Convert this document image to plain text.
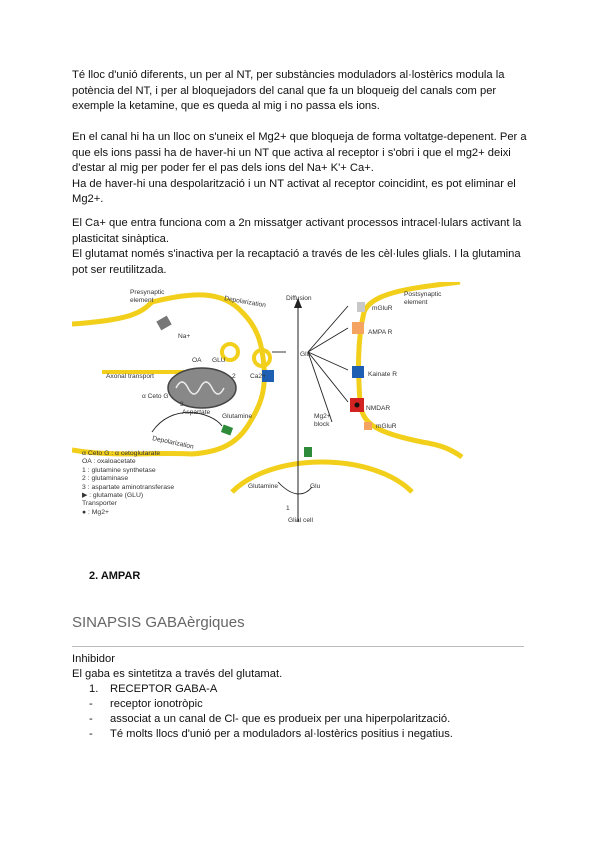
Té lloc d'unió diferents, un per al NT, per substàncies moduladors al·lostèrics modula la
potència del NT, i per al bloquejadors del canal que fa un bloqueig del canals com per
exemple la ketamine, que es queda al mig i no passa els ions.
En el canal hi ha un lloc on s'uneix el Mg2+ que bloqueja de forma voltatge-depenent. Per a
que els ions passi ha de haver-hi un NT que activa al receptor i s'obri i que el mg2+ deixi
d'estar al mig per poder fer el pas dels ions del Na+ K'+ Ca+.
Ha de haver-hi una despolarització i un NT activat al receptor coincidint, es pot eliminar el
Mg2+.
El Ca+ que entra funciona com a 2n missatger activant processos intracel·lulars activant la
plasticitat sinàptica.
El glutamat només s'inactiva per la recaptació a través de les cèl·lules glials. I la glutamina
pot ser reutilitzada.
Presynaptic
element	Depolarization	Diffusion
Postsynaptic
element
Na+
Axonal transport
OA GLU
α Ceto G
Aspartate
Glutamine
Ca2+
Glu
Depolarization
mGluR
AMPA R
Kainate R
NMDAR
Mg2+
block	mGluR
Glutamine	Glu
1
Glial cell
2
3
α Ceto G : α cetoglutarate
OA : oxaloacetate
1 : glutamine synthetase
2 : glutaminase
3 : aspartate aminotransferase
▶ : glutamate (GLU)
Transporter
● : Mg2+
2. AMPAR
SINAPSIS GABAèrgiques
Inhibidor
El gaba es sintetitza a través del glutamat.
1. RECEPTOR GABA-A
- receptor ionotròpic
- associat a un canal de Cl- que es produeix per una hiperpolarització.
- Té molts llocs d'unió per a moduladors al·lostèrics positius i negatius.
